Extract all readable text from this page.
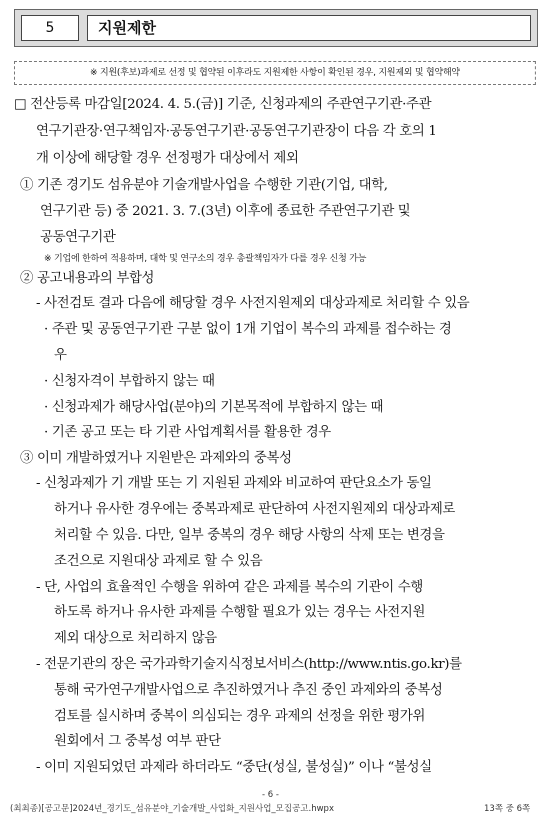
5	지원제한
※ 지원(후보)과제로 선정 및 협약된 이후라도 지원제한 사항이 확인된 경우, 지원제외 및 협약해약
□ 전산등록 마감일[2024. 4. 5.(금)] 기준, 신청과제의 주관연구기관·주관
연구기관장·연구책임자·공동연구기관·공동연구기관장이 다음 각 호의 1
개 이상에 해당할 경우 선정평가 대상에서 제외
① 기존 경기도 섬유분야 기술개발사업을 수행한 기관(기업, 대학,
연구기관 등) 중 2021. 3. 7.(3년) 이후에 종료한 주관연구기관 및
공동연구기관
※ 기업에 한하여 적용하며, 대학 및 연구소의 경우 총괄책임자가 다를 경우 신청 가능
② 공고내용과의 부합성
- 사전검토 결과 다음에 해당할 경우 사전지원제외 대상과제로 처리할 수 있음
· 주관 및 공동연구기관 구분 없이 1개 기업이 복수의 과제를 접수하는 경
우
· 신청자격이 부합하지 않는 때
· 신청과제가 해당사업(분야)의 기본목적에 부합하지 않는 때
· 기존 공고 또는 타 기관 사업계획서를 활용한 경우
③ 이미 개발하였거나 지원받은 과제와의 중복성
- 신청과제가 기 개발 또는 기 지원된 과제와 비교하여 판단요소가 동일
하거나 유사한 경우에는 중복과제로 판단하여 사전지원제외 대상과제로
처리할 수 있음. 다만, 일부 중복의 경우 해당 사항의 삭제 또는 변경을
조건으로 지원대상 과제로 할 수 있음
- 단, 사업의 효율적인 수행을 위하여 같은 과제를 복수의 기관이 수행
하도록 하거나 유사한 과제를 수행할 필요가 있는 경우는 사전지원
제외 대상으로 처리하지 않음
- 전문기관의 장은 국가과학기술지식정보서비스(http://www.ntis.go.kr)를
통해 국가연구개발사업으로 추진하였거나 추진 중인 과제와의 중복성
검토를 실시하며 중복이 의심되는 경우 과제의 선정을 위한 평가위
원회에서 그 중복성 여부 판단
- 이미 지원되었던 과제라 하더라도 “중단(성실, 불성실)” 이나 “불성실
- 6 -
(최최종)[공고문]2024년_경기도_섬유분야_기술개발_사업화_지원사업_모집공고.hwpx	13쪽 중 6쪽
